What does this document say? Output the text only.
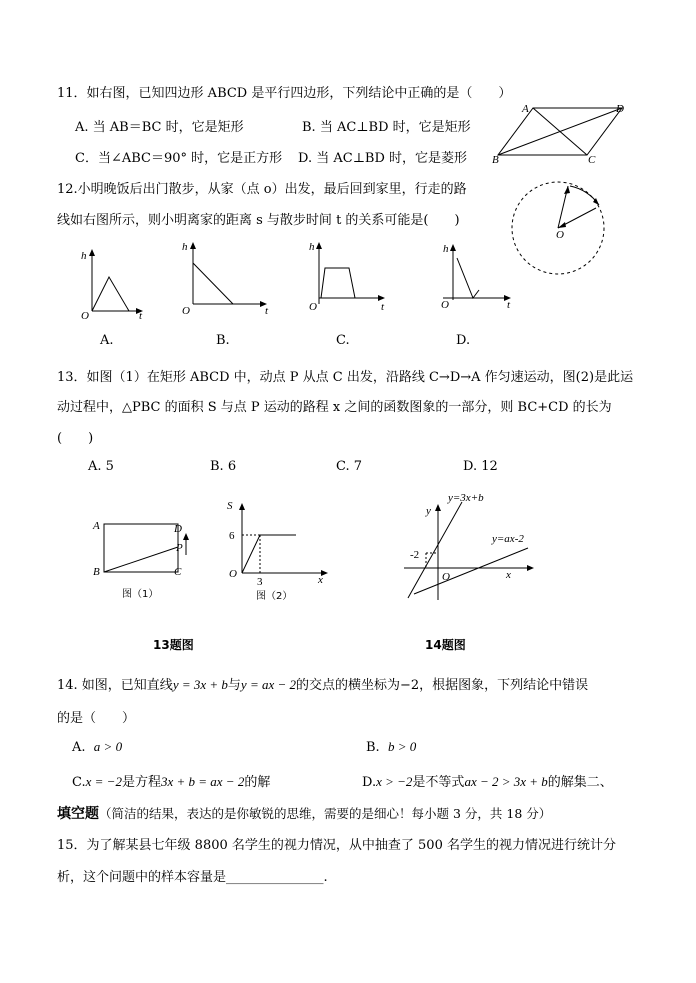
11．如右图，已知四边形 ABCD 是平行四边形，下列结论中正确的是（　　）
A. 当 AB＝BC 时，它是矩形	B. 当 AC⊥BD 时，它是矩形
C．当∠ABC＝90° 时，它是正方形 D. 当 AC⊥BD 时，它是菱形
A	D
B	C
12.小明晚饭后出门散步，从家（点 o）出发，最后回到家里，行走的路
线如右图所示，则小明离家的距离 s 与散步时间 t 的关系可能是(　　)
O
h
O	t
h
O	t
h
O	t
h
O	t
A.	B.	C.	D.
13．如图（1）在矩形 ABCD 中，动点 P 从点 C 出发，沿路线 C→D→A 作匀速运动，图(2)是此运
动过程中，△PBC 的面积 S 与点 P 运动的路程 x 之间的函数图象的一部分，则 BC+CD 的长为
(　　)
A. 5	B. 6	C. 7	D. 12
A	D
B	C
P
图（1）
S
6
O
3	x
图（2）
y
x
O
-2
y=3x+b
y=ax-2
13题图	14题图
14. 如图，已知直线y = 3x + b与y = ax − 2的交点的横坐标为−2，根据图象，下列结论中错误
的是（　　）
A. a > 0	B. b > 0
C.x = −2是方程3x + b = ax − 2的解	D.x > −2是不等式ax − 2 > 3x + b的解集二、
填空题（简洁的结果，表达的是你敏锐的思维，需要的是细心！每小题 3 分，共 18 分）
15．为了解某县七年级 8800 名学生的视力情况，从中抽查了 500 名学生的视力情况进行统计分
析，这个问题中的样本容量是_______________.
